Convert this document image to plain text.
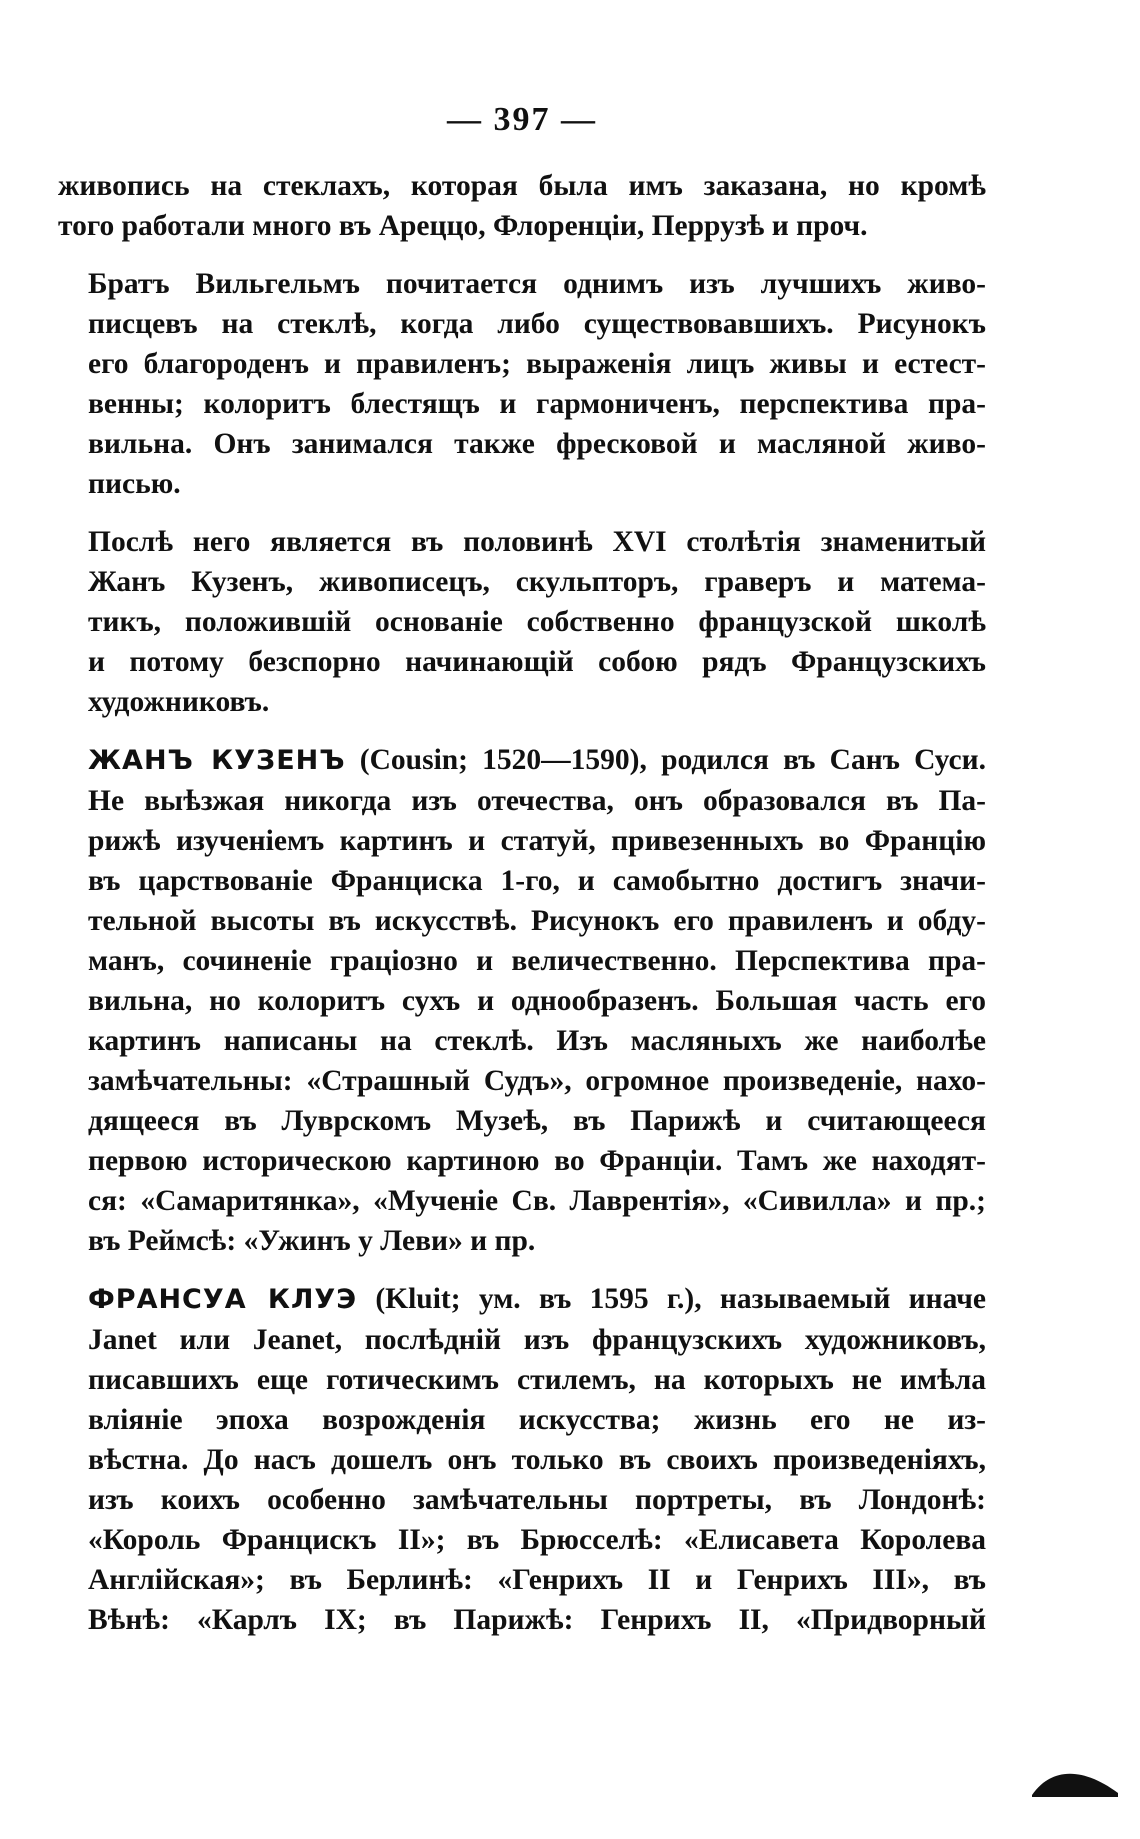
— 397 —
живопись на стеклахъ, которая была имъ заказана, но кромѣ
того работали много въ Ареццо, Флоренціи, Перрузѣ и проч.
Братъ Вильгельмъ почитается однимъ изъ лучшихъ живо-
писцевъ на стеклѣ, когда либо существовавшихъ. Рисунокъ
его благороденъ и правиленъ; выраженія лицъ живы и естест-
венны; колоритъ блестящъ и гармониченъ, перспектива пра-
вильна. Онъ занимался также фресковой и масляной живо-
писью.
Послѣ него является въ половинѣ XVI столѣтія знаменитый
Жанъ Кузенъ, живописецъ, скульпторъ, граверъ и матема-
тикъ, положившій основаніе собственно французской школѣ
и потому безспорно начинающій собою рядъ Французскихъ
художниковъ.
ЖАНЪ КУЗЕНЪ (Cousin; 1520—1590), родился въ Санъ Суси.
Не выѣзжая никогда изъ отечества, онъ образовался въ Па-
рижѣ изученіемъ картинъ и статуй, привезенныхъ во Францію
въ царствованіе Франциска 1-го, и самобытно достигъ значи-
тельной высоты въ искусствѣ. Рисунокъ его правиленъ и обду-
манъ, сочиненіе граціозно и величественно. Перспектива пра-
вильна, но колоритъ сухъ и однообразенъ. Большая часть его
картинъ написаны на стеклѣ. Изъ масляныхъ же наиболѣе
замѣчательны: «Страшный Судъ», огромное произведеніе, нахо-
дящееся въ Луврскомъ Музеѣ, въ Парижѣ и считающееся
первою историческою картиною во Франціи. Тамъ же находят-
ся: «Самаритянка», «Мученіе Св. Лаврентія», «Сивилла» и пр.;
въ Реймсѣ: «Ужинъ у Леви» и пр.
ФРАНСУА КЛУЭ (Kluit; ум. въ 1595 г.), называемый иначе
Janet или Jeanet, послѣдній изъ французскихъ художниковъ,
писавшихъ еще готическимъ стилемъ, на которыхъ не имѣла
вліяніе эпоха возрожденія искусства; жизнь его не из-
вѣстна. До насъ дошелъ онъ только въ своихъ произведеніяхъ,
изъ коихъ особенно замѣчательны портреты, въ Лондонѣ:
«Король Францискъ II»; въ Брюсселѣ: «Елисавета Королева
Англійская»; въ Берлинѣ: «Генрихъ II и Генрихъ III», въ
Вѣнѣ: «Карлъ IX; въ Парижѣ: Генрихъ II, «Придворный
